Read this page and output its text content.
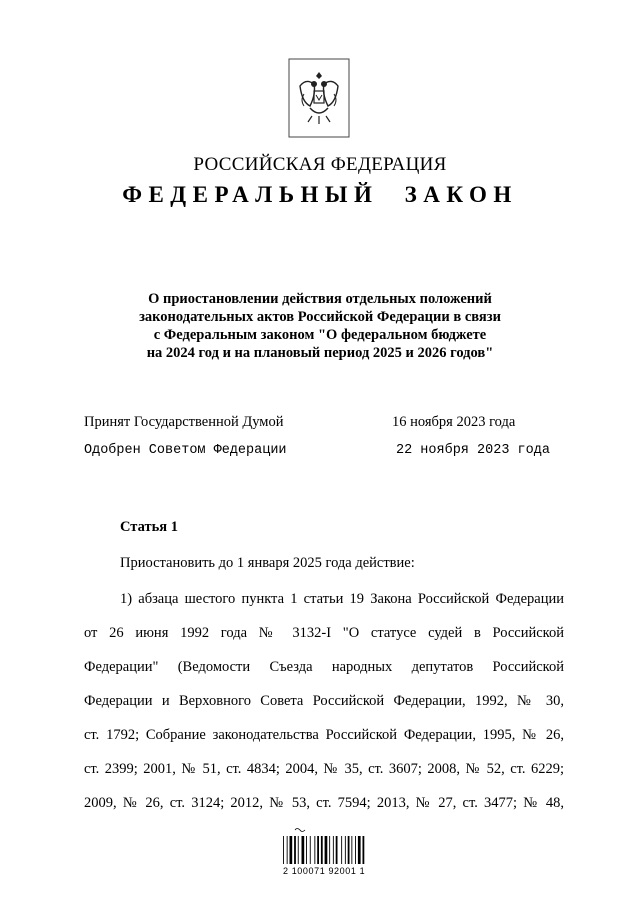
РОССИЙСКАЯ ФЕДЕРАЦИЯ
ФЕДЕРАЛЬНЫЙ ЗАКОН
О приостановлении действия отдельных положений
законодательных актов Российской Федерации в связи
с Федеральным законом "О федеральном бюджете
на 2024 год и на плановый период 2025 и 2026 годов"
Принят Государственной Думой	16 ноября 2023 года
Одобрен Советом Федерации	22 ноября 2023 года
Статья 1
Приостановить до 1 января 2025 года действие:
1) абзаца шестого пункта 1 статьи 19 Закона Российской Федерации
от 26 июня 1992 года № 3132-I "О статусе судей в Российской
Федерации" (Ведомости Съезда народных депутатов Российской
Федерации и Верховного Совета Российской Федерации, 1992, № 30,
ст. 1792; Собрание законодательства Российской Федерации, 1995, № 26,
ст. 2399; 2001, № 51, ст. 4834; 2004, № 35, ст. 3607; 2008, № 52, ст. 6229;
2009, № 26, ст. 3124; 2012, № 53, ст. 7594; 2013, № 27, ст. 3477; № 48,
2 100071 92001 1
